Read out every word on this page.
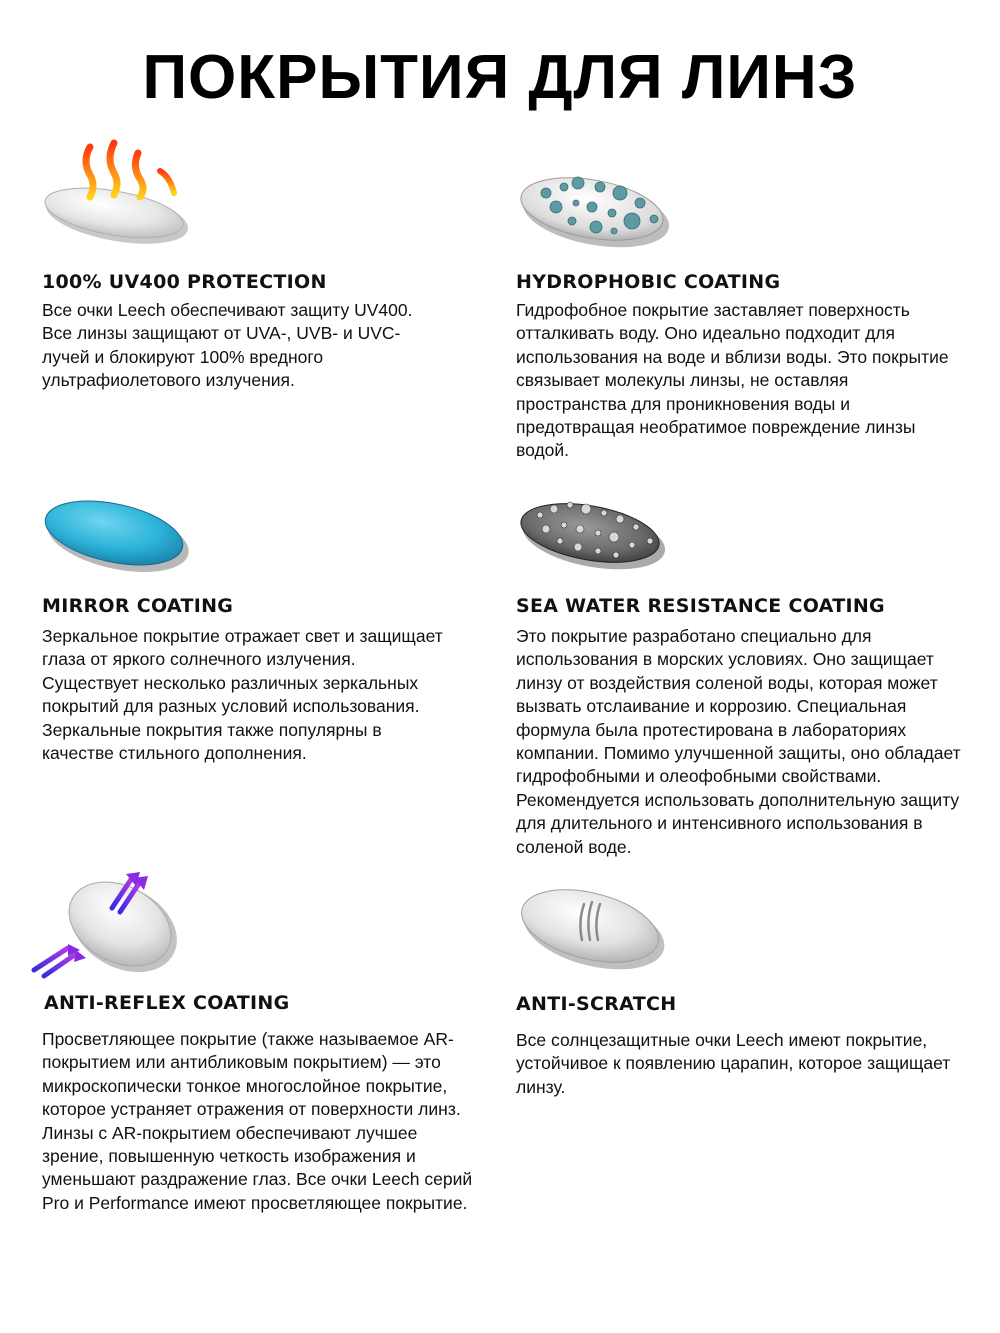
ПОКРЫТИЯ ДЛЯ ЛИНЗ
100% UV400 PROTECTION

Все очки Leech обеспечивают защиту UV400. Все линзы защищают от UVA-, UVB- и UVC-лучей и блокируют 100% вредного ультрафиолетового излучения.

HYDROPHOBIC COATING

Гидрофобное покрытие заставляет поверхность отталкивать воду. Оно идеально подходит для использования на воде и вблизи воды. Это покрытие связывает молекулы линзы, не оставляя пространства для проникновения воды и предотвращая необратимое повреждение линзы водой.

MIRROR COATING

Зеркальное покрытие отражает свет и защищает глаза от яркого солнечного излучения. Существует несколько различных зеркальных покрытий для разных условий использования. Зеркальные покрытия также популярны в качестве стильного дополнения.

SEA WATER RESISTANCE COATING

Это покрытие разработано специально для использования в морских условиях. Оно защищает линзу от воздействия соленой воды, которая может вызвать отслаивание и коррозию. Специальная формула была протестирована в лабораториях компании. Помимо улучшенной защиты, оно обладает гидрофобными и олеофобными свойствами. Рекомендуется использовать дополнительную защиту для длительного и интенсивного использования в соленой воде.

ANTI-REFLEX COATING

Просветляющее покрытие (также называемое AR-покрытием или антибликовым покрытием) — это микроскопически тонкое многослойное покрытие, которое устраняет отражения от поверхности линз. Линзы с AR-покрытием обеспечивают лучшее зрение, повышенную четкость изображения и уменьшают раздражение глаз. Все очки Leech серий Pro и Performance имеют просветляющее покрытие.

ANTI-SCRATCH

Все солнцезащитные очки Leech имеют покрытие, устойчивое к появлению царапин, которое защищает линзу.
